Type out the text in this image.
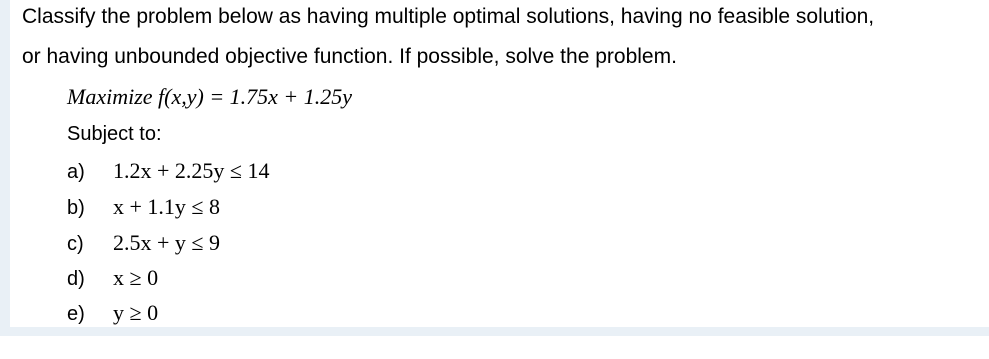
Classify the problem below as having multiple optimal solutions, having no feasible solution,
or having unbounded objective function. If possible, solve the problem.
Maximize f(x,y) = 1.75x + 1.25y
Subject to:
a) 1.2x + 2.25y ≤ 14
b) x + 1.1y ≤ 8
c) 2.5x + y ≤ 9
d) x ≥ 0
e) y ≥ 0
